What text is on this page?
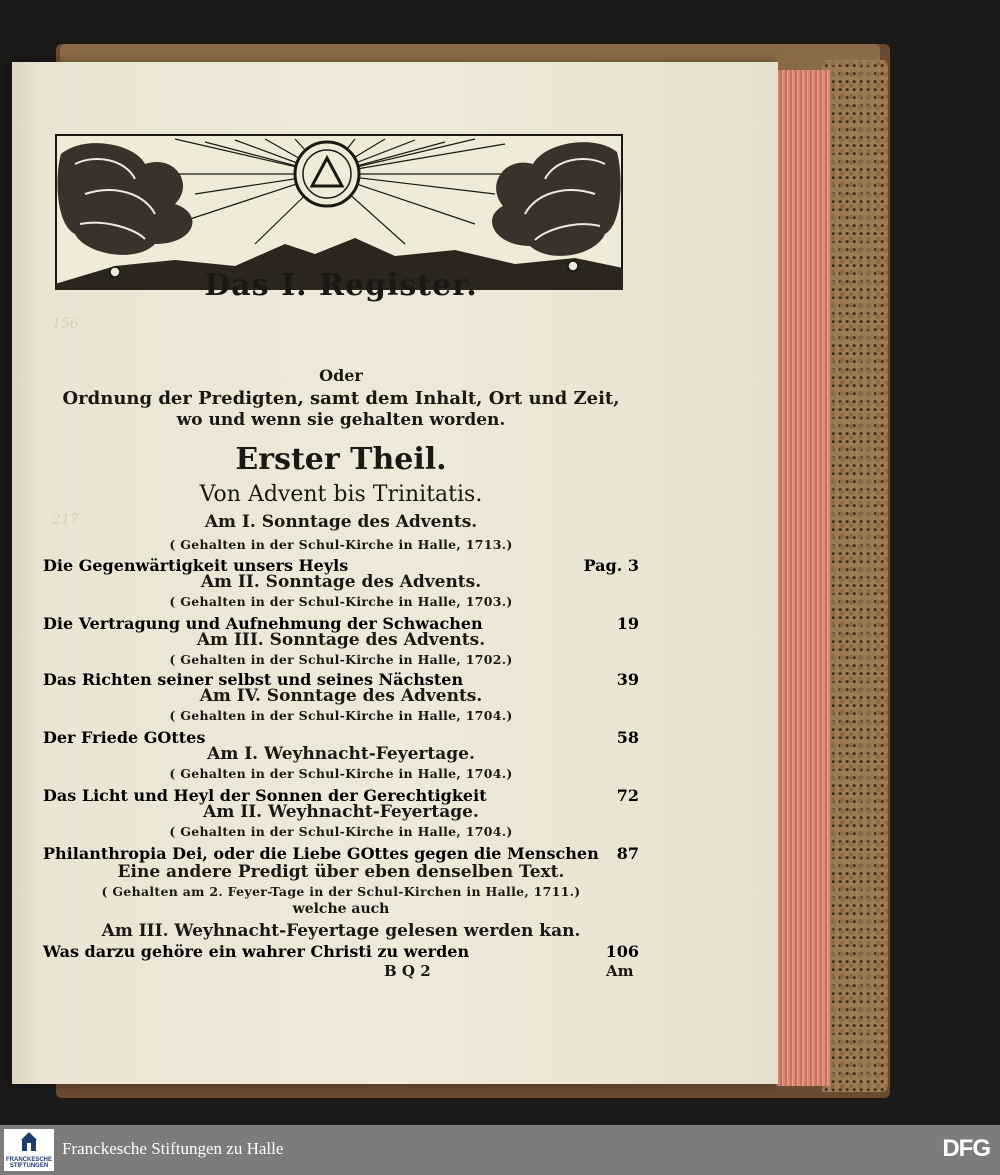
156
217
Das I. Register.
Oder
Ordnung der Predigten, samt dem Inhalt, Ort und Zeit,
wo und wenn sie gehalten worden.
Erster Theil.
Von Advent bis Trinitatis.
Am I. Sonntage des Advents.
( Gehalten in der Schul-Kirche in Halle, 1713.)
Die Gegenwärtigkeit unsers Heyls	Pag. 3
Am II. Sonntage des Advents.
( Gehalten in der Schul-Kirche in Halle, 1703.)
Die Vertragung und Aufnehmung der Schwachen	19
Am III. Sonntage des Advents.
( Gehalten in der Schul-Kirche in Halle, 1702.)
Das Richten seiner selbst und seines Nächsten	39
Am IV. Sonntage des Advents.
( Gehalten in der Schul-Kirche in Halle, 1704.)
Der Friede GOttes	58
Am I. Weyhnacht-Feyertage.
( Gehalten in der Schul-Kirche in Halle, 1704.)
Das Licht und Heyl der Sonnen der Gerechtigkeit	72
Am II. Weyhnacht-Feyertage.
( Gehalten in der Schul-Kirche in Halle, 1704.)
Philanthropia Dei, oder die Liebe GOttes gegen die Menschen 87
Eine andere Predigt über eben denselben Text.
( Gehalten am 2. Feyer-Tage in der Schul-Kirchen in Halle, 1711.)
welche auch
Am III. Weyhnacht-Feyertage gelesen werden kan.
Was darzu gehöre ein wahrer Christi zu werden	106
B Q 2	Am
FRANCKESCHE
STIFTUNGEN
Franckesche Stiftungen zu Halle	DFG
